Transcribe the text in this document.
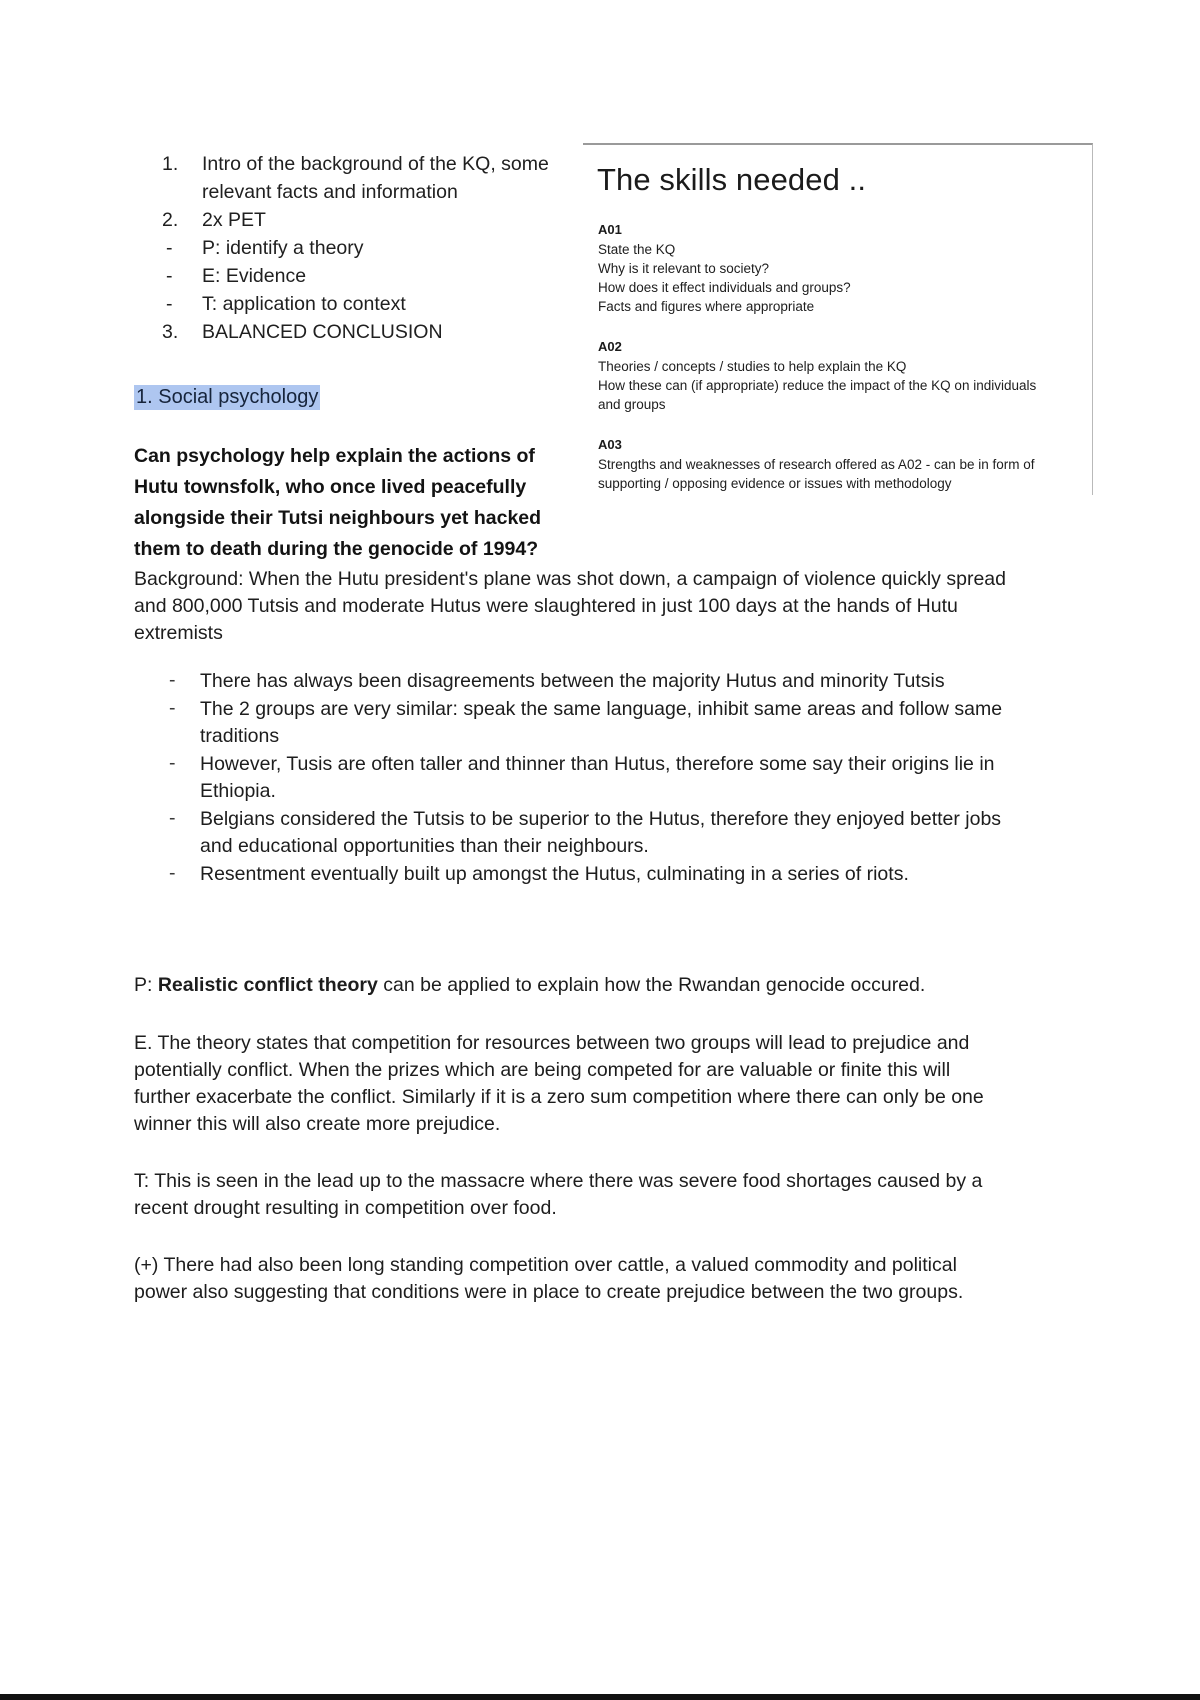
1.	Intro of the background of the KQ, some relevant facts and information
2.	2x PET
-	P: identify a theory
-	E: Evidence
-	T: application to context
3.	BALANCED CONCLUSION
1. Social psychology
Can psychology help explain the actions of Hutu townsfolk, who once lived peacefully alongside their Tutsi neighbours yet hacked them to death during the genocide of 1994?
The skills needed ..
A01
State the KQ
Why is it relevant to society?
How does it effect individuals and groups?
Facts and figures where appropriate
A02
Theories / concepts / studies to help explain the KQ
How these can (if appropriate) reduce the impact of the KQ on individuals
and groups
A03
Strengths and weaknesses of research offered as A02 - can be in form of
supporting / opposing evidence or issues with methodology
Background: When the Hutu president's plane was shot down, a campaign of violence quickly spread and 800,000 Tutsis and moderate Hutus were slaughtered in just 100 days at the hands of Hutu extremists
- There has always been disagreements between the majority Hutus and minority Tutsis
- The 2 groups are very similar: speak the same language, inhibit same areas and follow same traditions
- However, Tusis are often taller and thinner than Hutus, therefore some say their origins lie in Ethiopia.
- Belgians considered the Tutsis to be superior to the Hutus, therefore they enjoyed better jobs and educational opportunities than their neighbours.
- Resentment eventually built up amongst the Hutus, culminating in a series of riots.
P: Realistic conflict theory can be applied to explain how the Rwandan genocide occured.
E. The theory states that competition for resources between two groups will lead to prejudice and potentially conflict. When the prizes which are being competed for are valuable or finite this will further exacerbate the conflict. Similarly if it is a zero sum competition where there can only be one winner this will also create more prejudice.
T: This is seen in the lead up to the massacre where there was severe food shortages caused by a recent drought resulting in competition over food.
(+) There had also been long standing competition over cattle, a valued commodity and political power also suggesting that conditions were in place to create prejudice between the two groups.
